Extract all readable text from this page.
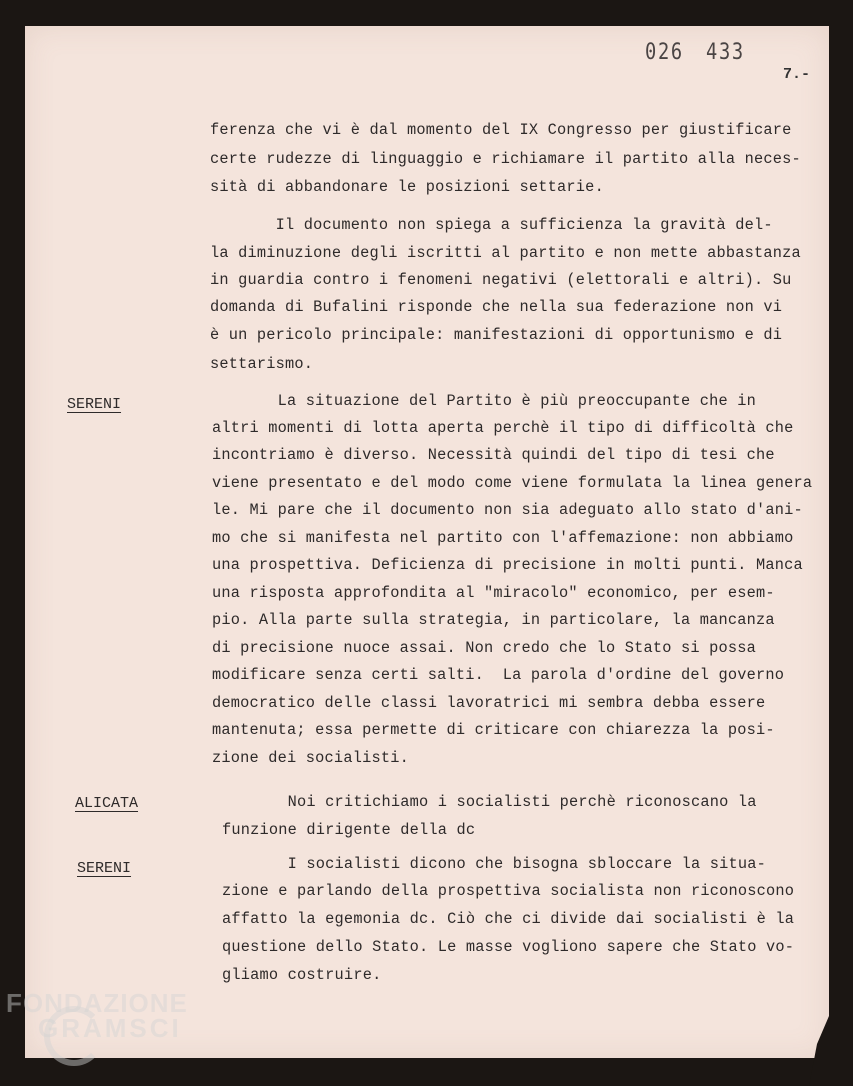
026 433
7.-
SERENI
ALICATA
SERENI
ferenza che vi è dal momento del IX Congresso per giustificare
certe rudezze di linguaggio e richiamare il partito alla neces-
sità di abbandonare le posizioni settarie.
Il documento non spiega a sufficienza la gravità del-
la diminuzione degli iscritti al partito e non mette abbastanza
in guardia contro i fenomeni negativi (elettorali e altri). Su
domanda di Bufalini risponde che nella sua federazione non vi
è un pericolo principale: manifestazioni di opportunismo e di
settarismo.
La situazione del Partito è più preoccupante che in
altri momenti di lotta aperta perchè il tipo di difficoltà che
incontriamo è diverso. Necessità quindi del tipo di tesi che
viene presentato e del modo come viene formulata la linea genera
le. Mi pare che il documento non sia adeguato allo stato d'ani-
mo che si manifesta nel partito con l'affemazione: non abbiamo
una prospettiva. Deficienza di precisione in molti punti. Manca
una risposta approfondita al "miracolo" economico, per esem-
pio. Alla parte sulla strategia, in particolare, la mancanza
di precisione nuoce assai. Non credo che lo Stato si possa
modificare senza certi salti.  La parola d'ordine del governo
democratico delle classi lavoratrici mi sembra debba essere
mantenuta; essa permette di criticare con chiarezza la posi-
zione dei socialisti.
Noi critichiamo i socialisti perchè riconoscano la
funzione dirigente della dc
I socialisti dicono che bisogna sbloccare la situa-
zione e parlando della prospettiva socialista non riconoscono
affatto la egemonia dc. Ciò che ci divide dai socialisti è la
questione dello Stato. Le masse vogliono sapere che Stato vo-
gliamo costruire.
FONDAZIONE
GRAMSCI
